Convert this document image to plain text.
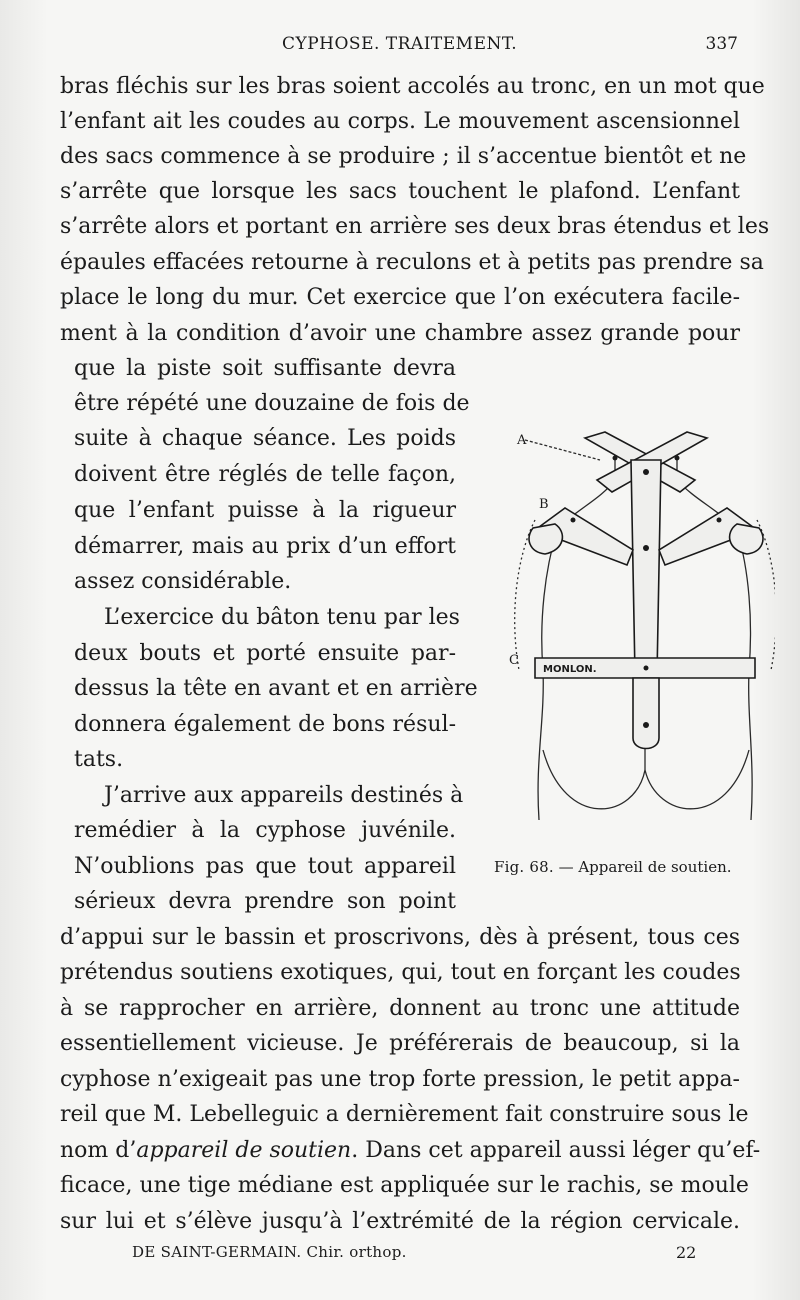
CYPHOSE. TRAITEMENT.	337
bras fléchis sur les bras soient accolés au tronc, en un mot que
l’enfant ait les coudes au corps. Le mouvement ascensionnel
des sacs commence à se produire ; il s’accentue bientôt et ne
s’arrête que lorsque les sacs touchent le plafond. L’enfant
s’arrête alors et portant en arrière ses deux bras étendus et les
épaules effacées retourne à reculons et à petits pas prendre sa
place le long du mur. Cet exercice que l’on exécutera facile-
ment à la condition d’avoir une chambre assez grande pour
que la piste soit suffisante devra
être répété une douzaine de fois de
suite à chaque séance. Les poids
doivent être réglés de telle façon,
que l’enfant puisse à la rigueur
démarrer, mais au prix d’un effort
assez considérable.
L’exercice du bâton tenu par les
deux bouts et porté ensuite par-
dessus la tête en avant et en arrière
donnera également de bons résul-
tats.
J’arrive aux appareils destinés à
remédier à la cyphose juvénile.
N’oublions pas que tout appareil
sérieux devra prendre son point
A
B
C
MONLON.
Fig. 68. — Appareil de soutien.
d’appui sur le bassin et proscrivons, dès à présent, tous ces
prétendus soutiens exotiques, qui, tout en forçant les coudes
à se rapprocher en arrière, donnent au tronc une attitude
essentiellement vicieuse. Je préférerais de beaucoup, si la
cyphose n’exigeait pas une trop forte pression, le petit appa-
reil que M. Lebelleguic a dernièrement fait construire sous le
nom d’appareil de soutien. Dans cet appareil aussi léger qu’ef-
ficace, une tige médiane est appliquée sur le rachis, se moule
sur lui et s’élève jusqu’à l’extrémité de la région cervicale.
DE SAINT-GERMAIN. Chir. orthop.	22
